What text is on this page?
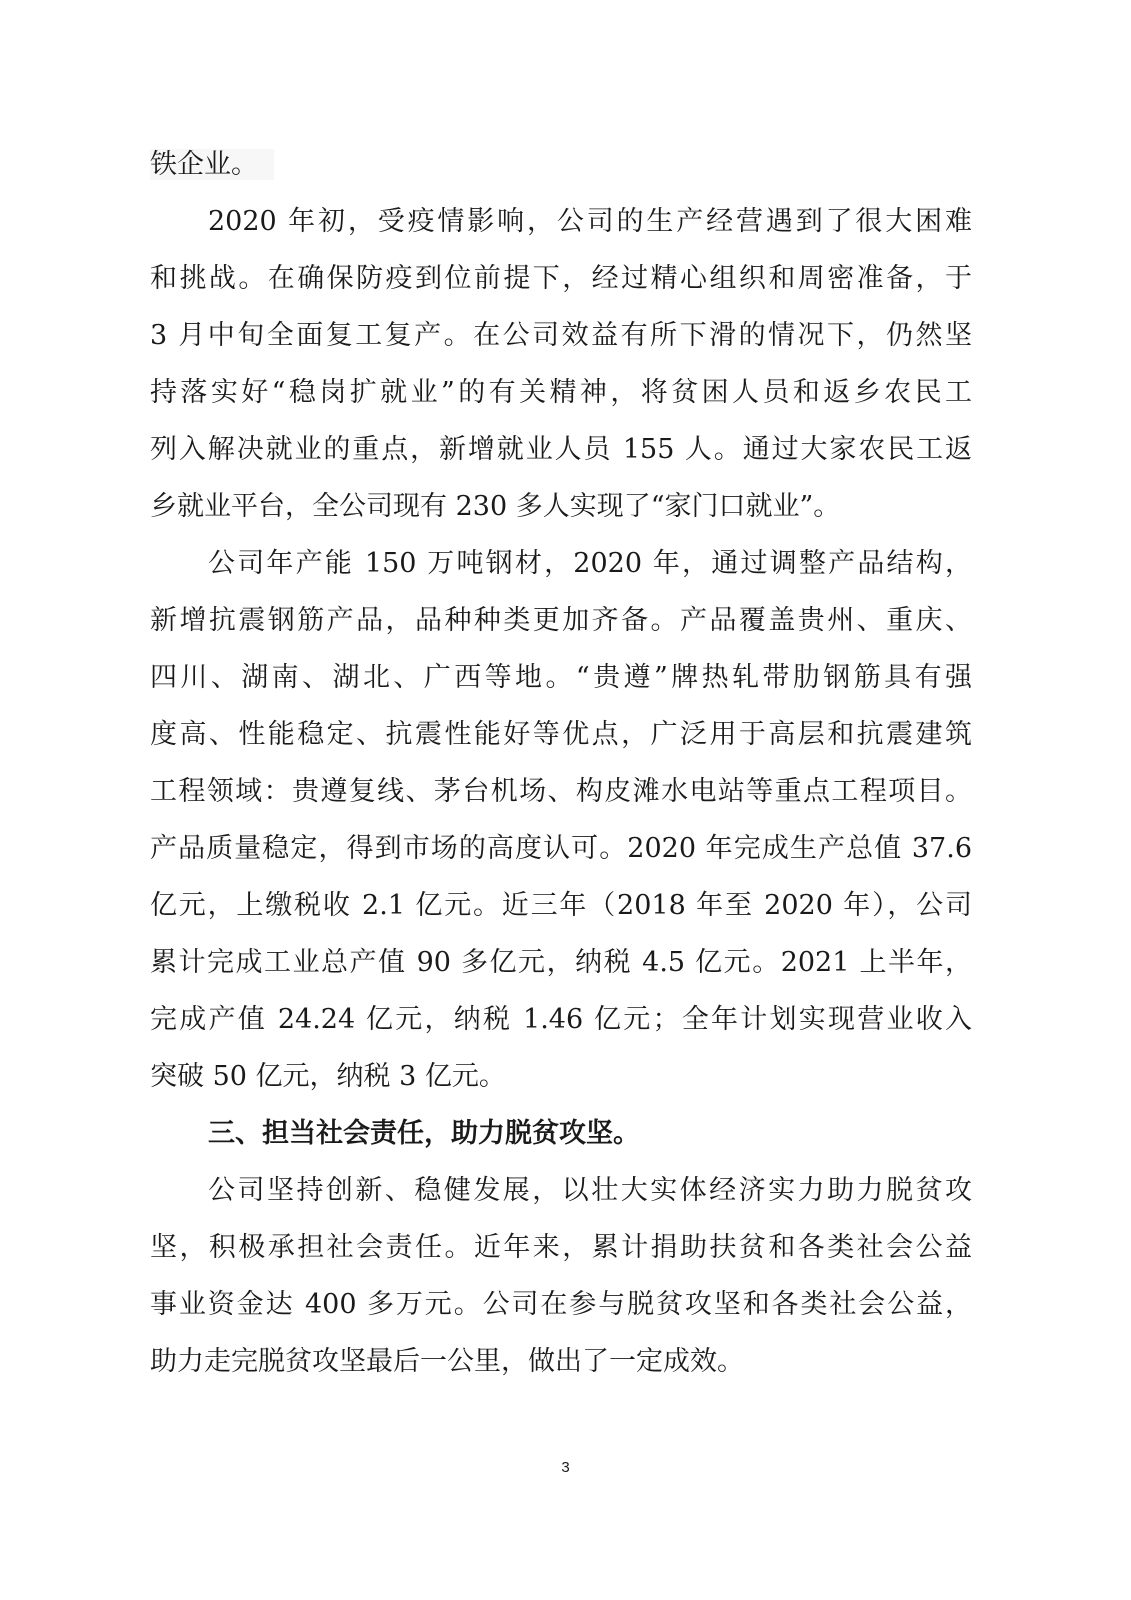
铁企业。
2020 年初，受疫情影响，公司的生产经营遇到了很大困难
和挑战。在确保防疫到位前提下，经过精心组织和周密准备，于
3 月中旬全面复工复产。在公司效益有所下滑的情况下，仍然坚
持落实好“稳岗扩就业”的有关精神，将贫困人员和返乡农民工
列入解决就业的重点，新增就业人员 155 人。通过大家农民工返
乡就业平台，全公司现有 230 多人实现了“家门口就业”。
公司年产能 150 万吨钢材，2020 年，通过调整产品结构，
新增抗震钢筋产品，品种种类更加齐备。产品覆盖贵州、重庆、
四川、湖南、湖北、广西等地。“贵遵”牌热轧带肋钢筋具有强
度高、性能稳定、抗震性能好等优点，广泛用于高层和抗震建筑
工程领域：贵遵复线、茅台机场、构皮滩水电站等重点工程项目。
产品质量稳定，得到市场的高度认可。2020 年完成生产总值 37.6
亿元，上缴税收 2.1 亿元。近三年（2018 年至 2020 年），公司
累计完成工业总产值 90 多亿元，纳税 4.5 亿元。2021 上半年，
完成产值 24.24 亿元，纳税 1.46 亿元；全年计划实现营业收入
突破 50 亿元，纳税 3 亿元。
三、担当社会责任，助力脱贫攻坚。
公司坚持创新、稳健发展，以壮大实体经济实力助力脱贫攻
坚，积极承担社会责任。近年来，累计捐助扶贫和各类社会公益
事业资金达 400 多万元。公司在参与脱贫攻坚和各类社会公益，
助力走完脱贫攻坚最后一公里，做出了一定成效。
3
